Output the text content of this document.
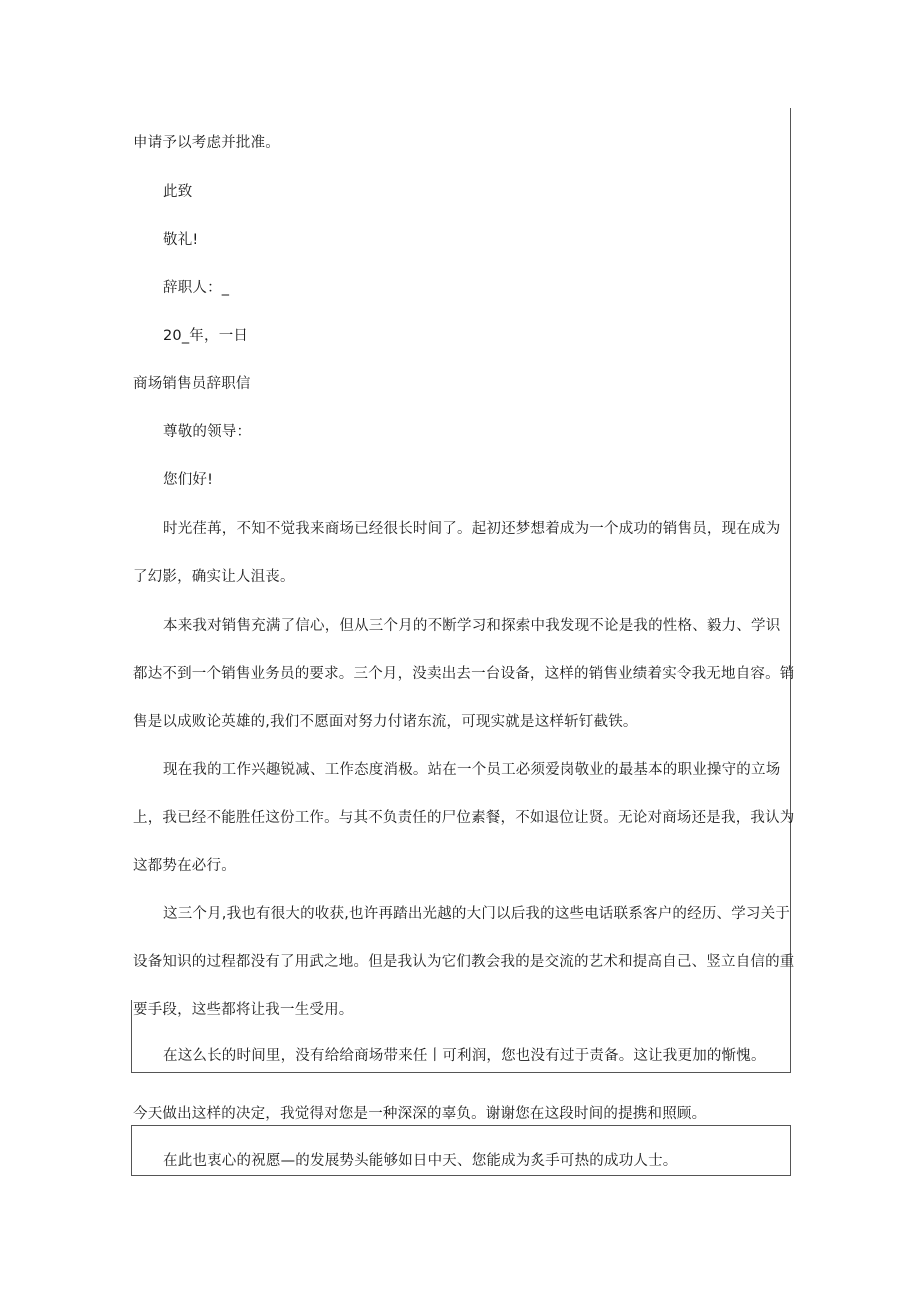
申请予以考虑并批准。
此致
敬礼!
辞职人：_
20_年，一日
商场销售员辞职信
尊敬的领导：
您们好!
时光荏苒，不知不觉我来商场已经很长时间了。起初还梦想着成为一个成功的销售员，现在成为
了幻影，确实让人沮丧。
本来我对销售充满了信心，但从三个月的不断学习和探索中我发现不论是我的性格、毅力、学识
都达不到一个销售业务员的要求。三个月，没卖出去一台设备，这样的销售业绩着实令我无地自容。销
售是以成败论英雄的,我们不愿面对努力付诸东流，可现实就是这样斩钉截铁。
现在我的工作兴趣锐减、工作态度消极。站在一个员工必须爱岗敬业的最基本的职业操守的立场
上，我已经不能胜任这份工作。与其不负责任的尸位素餐，不如退位让贤。无论对商场还是我，我认为
这都势在必行。
这三个月,我也有很大的收获,也许再踏出光越的大门以后我的这些电话联系客户的经历、学习关于
设备知识的过程都没有了用武之地。但是我认为它们教会我的是交流的艺术和提高自己、竖立自信的重
要手段，这些都将让我一生受用。
在这么长的时间里，没有给给商场带来任丨可利润，您也没有过于责备。这让我更加的惭愧。
今天做出这样的决定，我觉得对您是一种深深的辜负。谢谢您在这段时间的提携和照顾。
在此也衷心的祝愿—的发展势头能够如日中天、您能成为炙手可热的成功人士。
